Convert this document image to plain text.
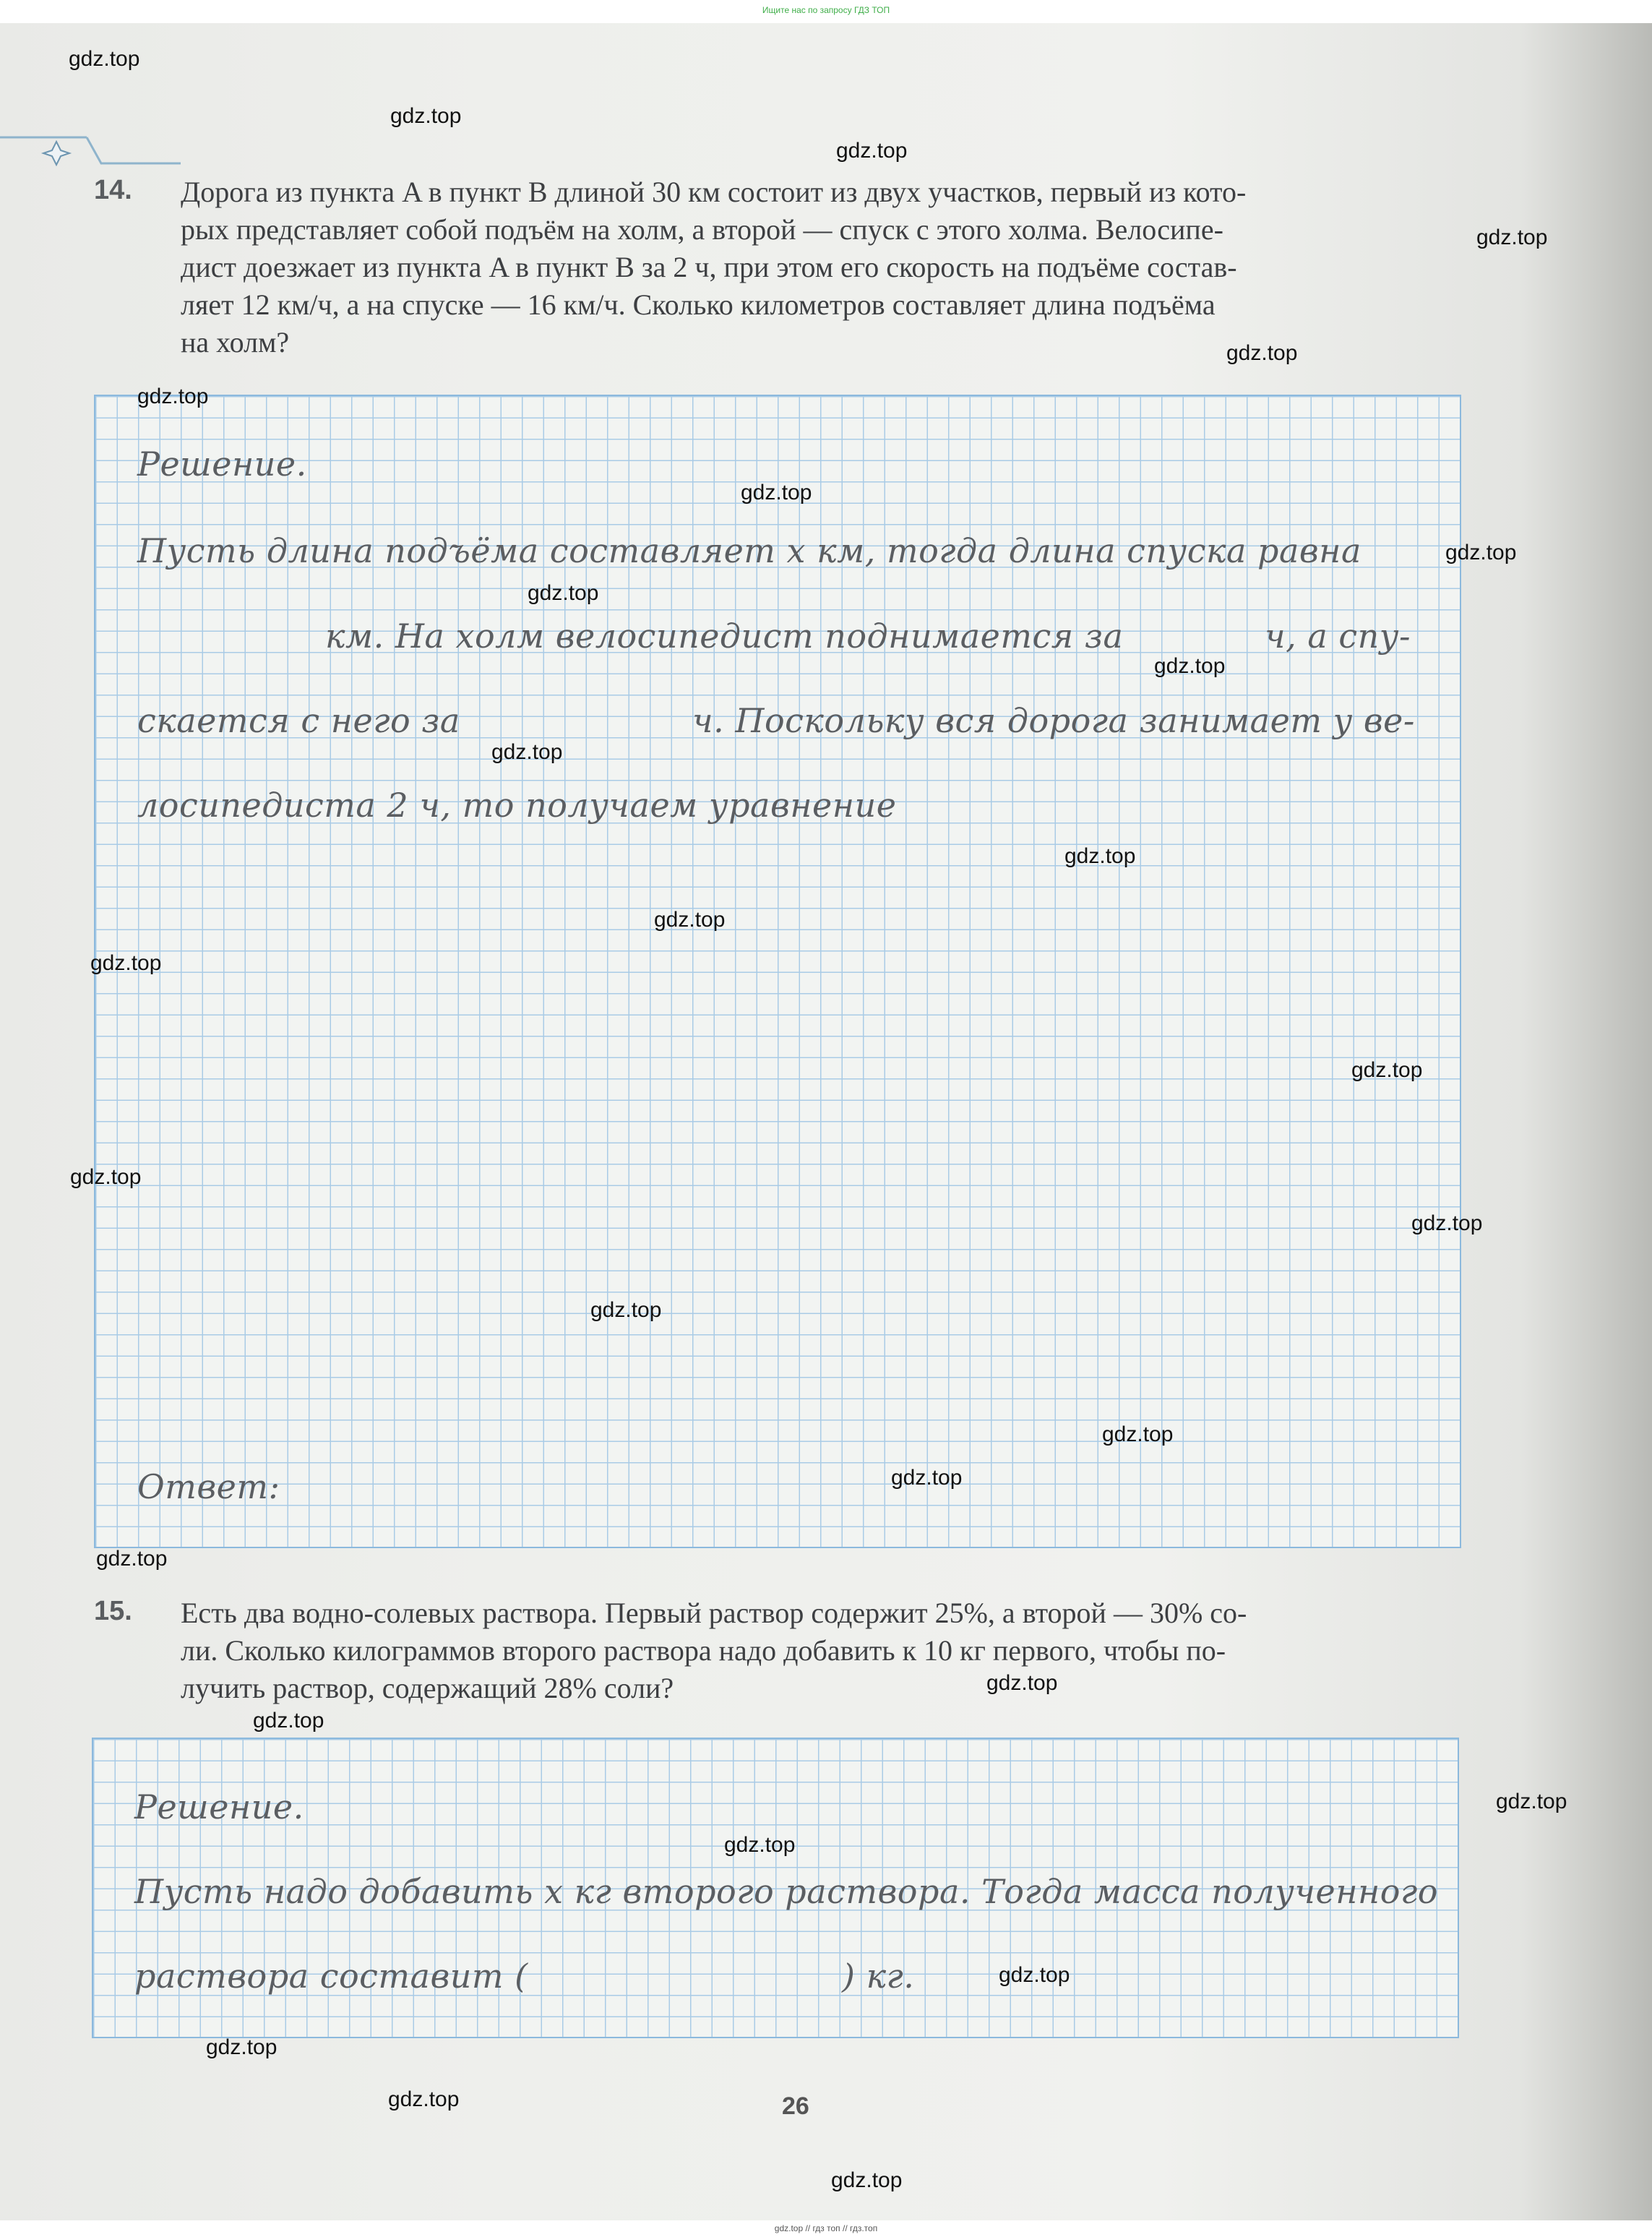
Ищите нас по запросу ГДЗ ТОП
gdz.top // гдз топ // гдз.топ
14. Дорога из пункта A в пункт B длиной 30 км состоит из двух участков, первый из кото-
рых представляет собой подъём на холм, а второй — спуск с этого холма. Велосипе-
дист доезжает из пункта A в пункт B за 2 ч, при этом его скорость на подъёме состав-
ляет 12 км/ч, а на спуске — 16 км/ч. Сколько километров составляет длина подъёма
на холм?
Решение.
Пусть длина подъёма составляет x км, тогда длина спуска равна
км. На холм велосипедист поднимается за	ч, а спу-
скается с него за	ч. Поскольку вся дорога занимает у ве-
лосипедиста 2 ч, то получаем уравнение
Ответ:
15. Есть два водно-солевых раствора. Первый раствор содержит 25%, а второй — 30% со-
ли. Сколько килограммов второго раствора надо добавить к 10 кг первого, чтобы по-
лучить раствор, содержащий 28% соли?
Решение.
Пусть надо добавить x кг второго раствора. Тогда масса полученного
раствора составит (	) кг.
26
gdz.top
gdz.top
gdz.top
gdz.top
gdz.top
gdz.top
gdz.top
gdz.top
gdz.top
gdz.top
gdz.top
gdz.top
gdz.top
gdz.top
gdz.top
gdz.top
gdz.top
gdz.top
gdz.top
gdz.top
gdz.top
gdz.top
gdz.top
gdz.top
gdz.top
gdz.top
gdz.top
gdz.top
gdz.top
